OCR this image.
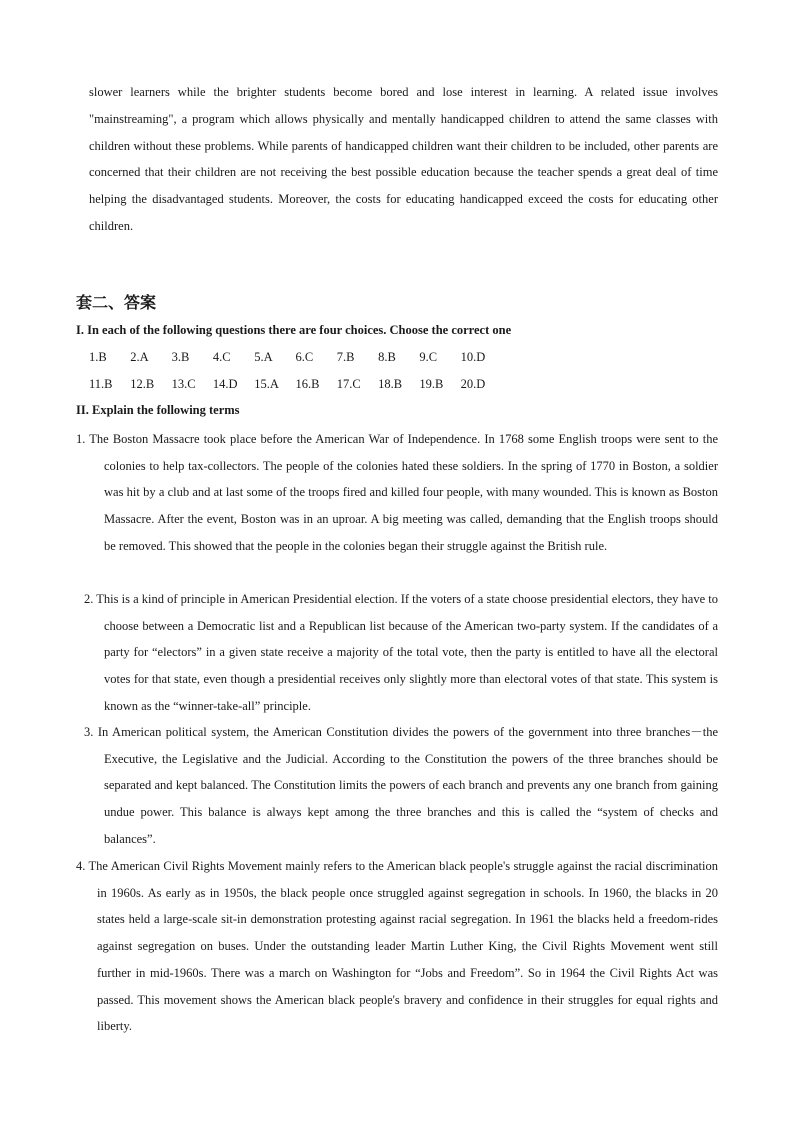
slower learners while the brighter students become bored and lose interest in learning. A related issue involves "mainstreaming", a program which allows physically and mentally handicapped children to attend the same classes with children without these problems. While parents of handicapped children want their children to be included, other parents are concerned that their children are not receiving the best possible education because the teacher spends a great deal of time helping the disadvantaged students. Moreover, the costs for educating handicapped exceed the costs for educating other children.

套二、答案

I. In each of the following questions there are four choices. Choose the correct one

1.B 2.A 3.B 4.C 5.A 6.C 7.B 8.B 9.C 10.D
11.B 12.B 13.C 14.D 15.A 16.B 17.C 18.B 19.B 20.D

II. Explain the following terms

1. The Boston Massacre took place before the American War of Independence. In 1768 some English troops were sent to the colonies to help tax-collectors. The people of the colonies hated these soldiers. In the spring of 1770 in Boston, a soldier was hit by a club and at last some of the troops fired and killed four people, with many wounded. This is known as Boston Massacre. After the event, Boston was in an uproar. A big meeting was called, demanding that the English troops should be removed. This showed that the people in the colonies began their struggle against the British rule.

2. This is a kind of principle in American Presidential election. If the voters of a state choose presidential electors, they have to choose between a Democratic list and a Republican list because of the American two-party system. If the candidates of a party for “electors” in a given state receive a majority of the total vote, then the party is entitled to have all the electoral votes for that state, even though a presidential receives only slightly more than electoral votes of that state. This system is known as the “winner-take-all” principle.

3. In American political system, the American Constitution divides the powers of the government into three branches－the Executive, the Legislative and the Judicial. According to the Constitution the powers of the three branches should be separated and kept balanced. The Constitution limits the powers of each branch and prevents any one branch from gaining undue power. This balance is always kept among the three branches and this is called the “system of checks and balances”.

4. The American Civil Rights Movement mainly refers to the American black people's struggle against the racial discrimination in 1960s. As early as in 1950s, the black people once struggled against segregation in schools. In 1960, the blacks in 20 states held a large-scale sit-in demonstration protesting against racial segregation. In 1961 the blacks held a freedom-rides against segregation on buses. Under the outstanding leader Martin Luther King, the Civil Rights Movement went still further in mid-1960s. There was a march on Washington for “Jobs and Freedom”. So in 1964 the Civil Rights Act was passed. This movement shows the American black people's bravery and confidence in their struggles for equal rights and liberty.
